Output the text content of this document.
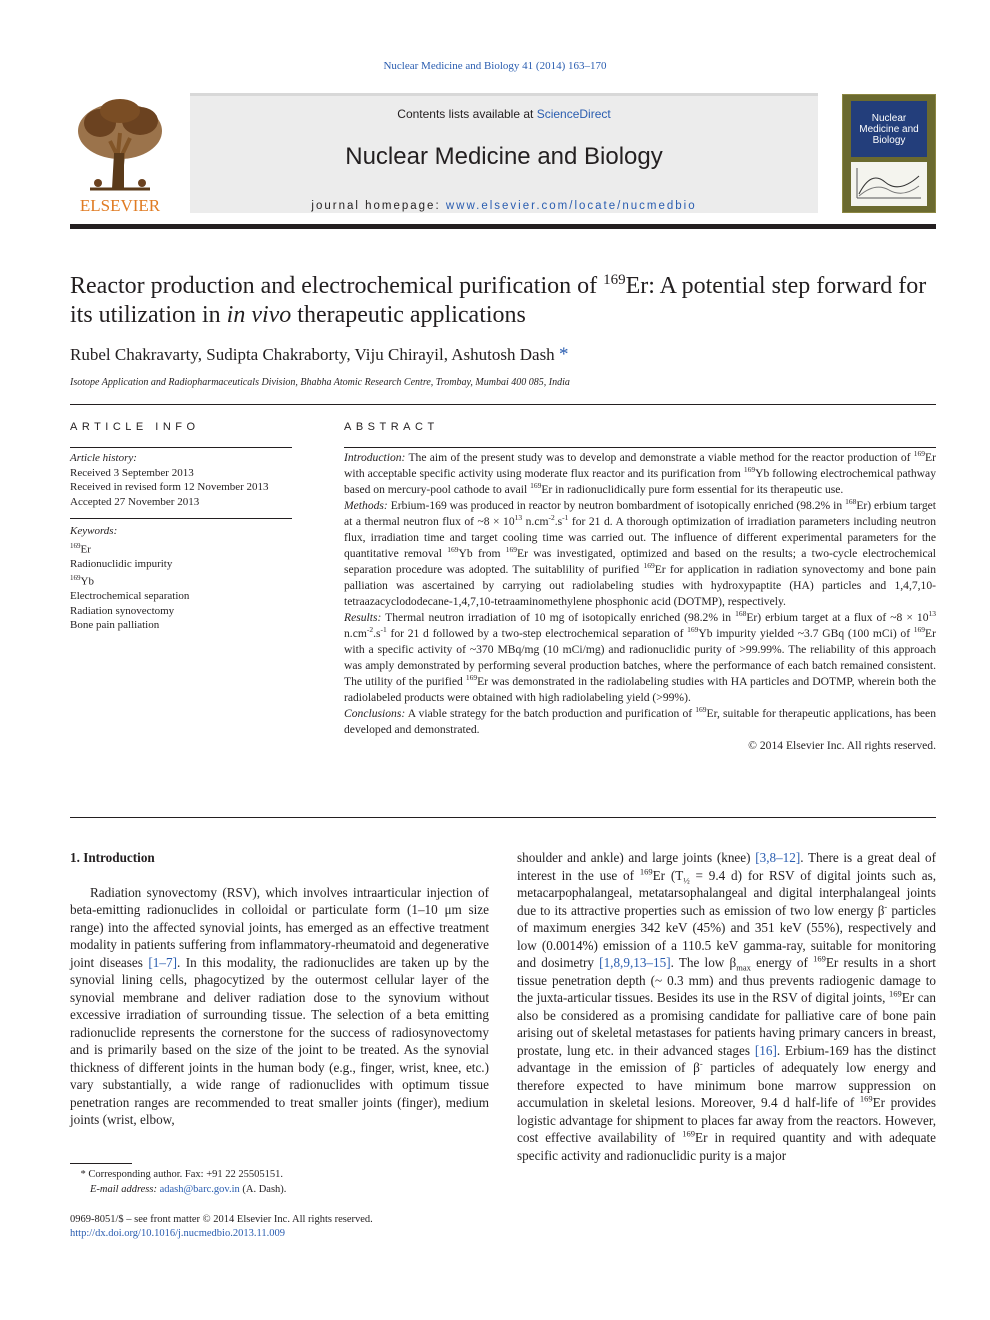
Nuclear Medicine and Biology 41 (2014) 163–170
ELSEVIER
Contents lists available at ScienceDirect
Nuclear Medicine and Biology
journal homepage: www.elsevier.com/locate/nucmedbio
Nuclear Medicine and Biology
Reactor production and electrochemical purification of $^{169}$Er: A potential step forward for its utilization in in vivo therapeutic applications
Rubel Chakravarty, Sudipta Chakraborty, Viju Chirayil, Ashutosh Dash *
Isotope Application and Radiopharmaceuticals Division, Bhabha Atomic Research Centre, Trombay, Mumbai 400 085, India
ARTICLE INFO	ABSTRACT
Article history:
Received 3 September 2013
Received in revised form 12 November 2013
Accepted 27 November 2013
Keywords:
$^{169}$Er
Radionuclidic impurity
$^{169}$Yb
Electrochemical separation
Radiation synovectomy
Bone pain palliation

Introduction: The aim of the present study was to develop and demonstrate a viable method for the reactor production of $^{169}$Er with acceptable specific activity using moderate flux reactor and its purification from $^{169}$Yb following electrochemical pathway based on mercury-pool cathode to avail $^{169}$Er in radionuclidically pure form essential for its therapeutic use.

Methods: Erbium-169 was produced in reactor by neutron bombardment of isotopically enriched (98.2% in $^{168}$Er) erbium target at a thermal neutron flux of ~8 × $10^{13}$ $n.cm^{-2}.s^{-1}$ for 21 d. A thorough optimization of irradiation parameters including neutron flux, irradiation time and target cooling time was carried out. The influence of different experimental parameters for the quantitative removal $^{169}$Yb from $^{169}$Er was investigated, optimized and based on the results; a two-cycle electrochemical separation procedure was adopted. The suitablility of purified $^{169}$Er for application in radiation synovectomy and bone pain palliation was ascertained by carrying out radiolabeling studies with hydroxypaptite (HA) particles and 1,4,7,10-tetraazacyclododecane-1,4,7,10-tetraaminomethylene phosphonic acid (DOTMP), respectively.

Results: Thermal neutron irradiation of 10 mg of isotopically enriched (98.2% in $^{168}$Er) erbium target at a flux of ~8 × $10^{13}$ $n.cm^{-2}.s^{-1}$ for 21 d followed by a two-step electrochemical separation of $^{169}$Yb impurity yielded ~3.7 GBq (100 mCi) of $^{169}$Er with a specific activity of ~370 MBq/mg (10 mCi/mg) and radionuclidic purity of >99.99%. The reliability of this approach was amply demonstrated by performing several production batches, where the performance of each batch remained consistent. The utility of the purified $^{169}$Er was demonstrated in the radiolabeling studies with HA particles and DOTMP, wherein both the radiolabeled products were obtained with high radiolabeling yield (>99%).

Conclusions: A viable strategy for the batch production and purification of $^{169}$Er, suitable for therapeutic applications, has been developed and demonstrated.

© 2014 Elsevier Inc. All rights reserved.

1. Introduction

Radiation synovectomy (RSV), which involves intraarticular injection of beta-emitting radionuclides in colloidal or particulate form (1–10 μm size range) into the affected synovial joints, has emerged as an effective treatment modality in patients suffering from inflammatory-rheumatoid and degenerative joint diseases [1–7]. In this modality, the radionuclides are taken up by the synovial lining cells, phagocytized by the outermost cellular layer of the synovial membrane and deliver radiation dose to the synovium without excessive irradiation of surrounding tissue. The selection of a beta emitting radionuclide represents the cornerstone for the success of radiosynovectomy and is primarily based on the size of the joint to be treated. As the synovial thickness of different joints in the human body (e.g., finger, wrist, knee, etc.) vary substantially, a wide range of radionuclides with optimum tissue penetration ranges are recommended to treat smaller joints (finger), medium joints (wrist, elbow,

shoulder and ankle) and large joints (knee) [3,8–12]. There is a great deal of interest in the use of $^{169}$Er ($T_{\frac{1}{2}} = 9.4$ d) for RSV of digital joints such as, metacarpophalangeal, metatarsophalangeal and digital interphalangeal joints due to its attractive properties such as emission of two low energy β- particles of maximum energies 342 keV (45%) and 351 keV (55%), respectively and low (0.0014%) emission of a 110.5 keV gamma-ray, suitable for monitoring and dosimetry [1,8,9,13–15]. The low $\beta_{max}$ energy of $^{169}$Er results in a short tissue penetration depth (~ 0.3 mm) and thus prevents radiogenic damage to the juxta-articular tissues. Besides its use in the RSV of digital joints, $^{169}$Er can also be considered as a promising candidate for palliative care of bone pain arising out of skeletal metastases for patients having primary cancers in breast, prostate, lung etc. in their advanced stages [16]. Erbium-169 has the distinct advantage in the emission of β- particles of adequately low energy and therefore expected to have minimum bone marrow suppression on accumulation in skeletal lesions. Moreover, 9.4 d half-life of $^{169}$Er provides logistic advantage for shipment to places far away from the reactors. However, cost effective availability of $^{169}$Er in required quantity and with adequate specific activity and radionuclidic purity is a major

* Corresponding author. Fax: +91 22 25505151.
E-mail address: adash@barc.gov.in (A. Dash).
0969-8051/$ – see front matter © 2014 Elsevier Inc. All rights reserved.
http://dx.doi.org/10.1016/j.nucmedbio.2013.11.009
